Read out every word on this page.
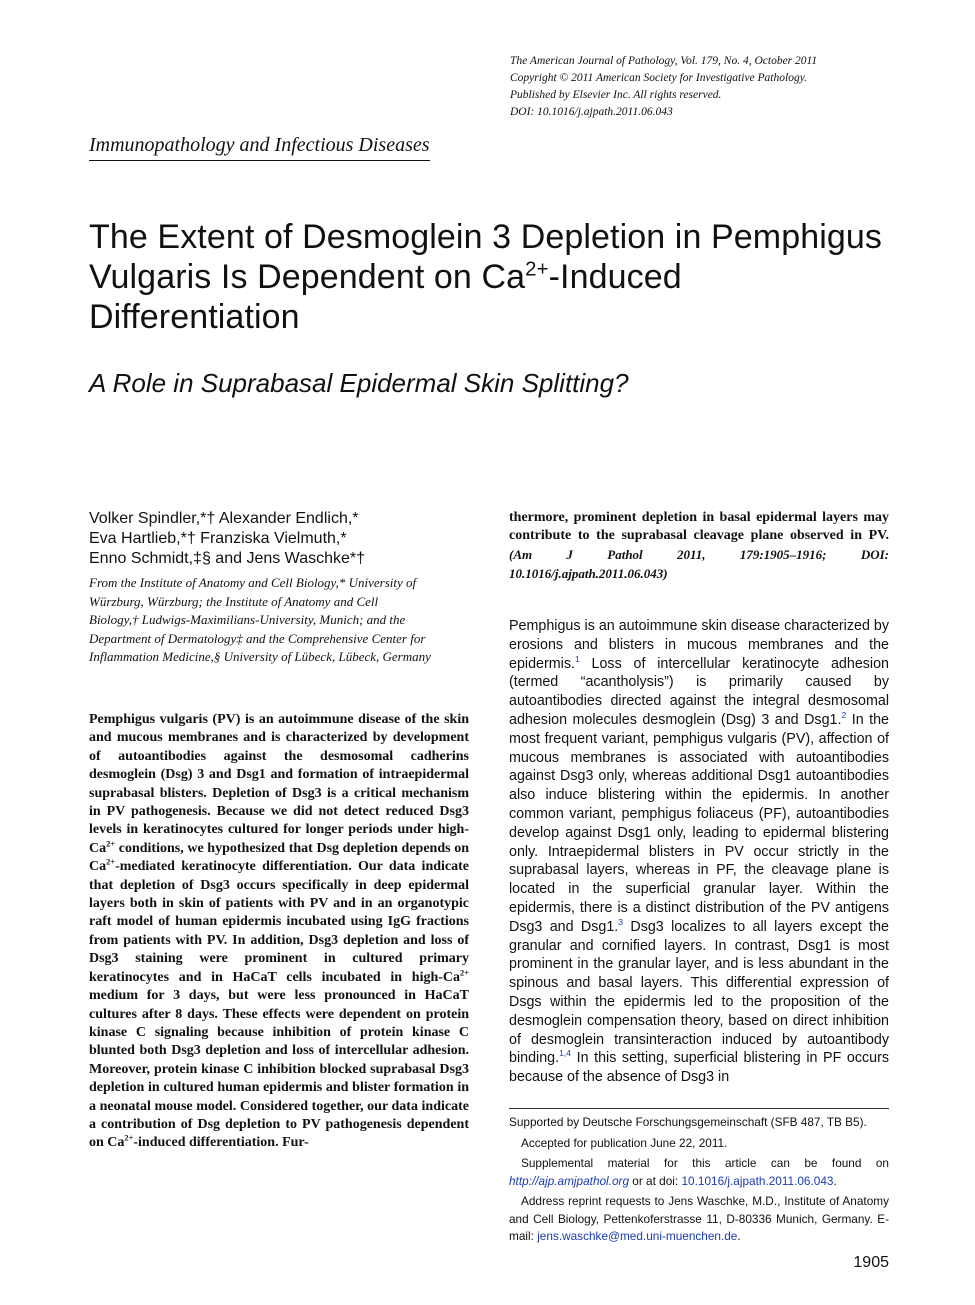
The American Journal of Pathology, Vol. 179, No. 4, October 2011
Copyright © 2011 American Society for Investigative Pathology.
Published by Elsevier Inc. All rights reserved.
DOI: 10.1016/j.ajpath.2011.06.043
Immunopathology and Infectious Diseases
The Extent of Desmoglein 3 Depletion in Pemphigus
Vulgaris Is Dependent on $Ca^{2+}$-Induced
Differentiation
A Role in Suprabasal Epidermal Skin Splitting?
Volker Spindler,*† Alexander Endlich,*
Eva Hartlieb,*† Franziska Vielmuth,*
Enno Schmidt,‡§ and Jens Waschke*†
From the Institute of Anatomy and Cell Biology,* University of
Würzburg, Würzburg; the Institute of Anatomy and Cell
Biology,† Ludwigs-Maximilians-University, Munich; and the
Department of Dermatology‡ and the Comprehensive Center for
Inflammation Medicine,§ University of Lübeck, Lübeck, Germany
Pemphigus vulgaris (PV) is an autoimmune disease of the skin and mucous membranes and is characterized by development of autoantibodies against the desmosomal cadherins desmoglein (Dsg) 3 and Dsg1 and formation of intraepidermal suprabasal blisters. Depletion of Dsg3 is a critical mechanism in PV pathogenesis. Because we did not detect reduced Dsg3 levels in keratinocytes cultured for longer periods under high-$Ca^{2+}$ conditions, we hypothesized that Dsg depletion depends on $Ca^{2+}$-mediated keratinocyte differentiation. Our data indicate that depletion of Dsg3 occurs specifically in deep epidermal layers both in skin of patients with PV and in an organotypic raft model of human epidermis incubated using IgG fractions from patients with PV. In addition, Dsg3 depletion and loss of Dsg3 staining were prominent in cultured primary keratinocytes and in HaCaT cells incubated in high-$Ca^{2+}$ medium for 3 days, but were less pronounced in HaCaT cultures after 8 days. These effects were dependent on protein kinase C signaling because inhibition of protein kinase C blunted both Dsg3 depletion and loss of intercellular adhesion. Moreover, protein kinase C inhibition blocked suprabasal Dsg3 depletion in cultured human epidermis and blister formation in a neonatal mouse model. Considered together, our data indicate a contribution of Dsg depletion to PV pathogenesis dependent on $Ca^{2+}$-induced differentiation. Fur-
thermore, prominent depletion in basal epidermal layers may contribute to the suprabasal cleavage plane observed in PV. (Am J Pathol 2011, 179:1905–1916; DOI: 10.1016/j.ajpath.2011.06.043)
Pemphigus is an autoimmune skin disease characterized by erosions and blisters in mucous membranes and the epidermis.$^1$ Loss of intercellular keratinocyte adhesion (termed “acantholysis”) is primarily caused by autoantibodies directed against the integral desmosomal adhesion molecules desmoglein (Dsg) 3 and Dsg1.$^2$ In the most frequent variant, pemphigus vulgaris (PV), affection of mucous membranes is associated with autoantibodies against Dsg3 only, whereas additional Dsg1 autoantibodies also induce blistering within the epidermis. In another common variant, pemphigus foliaceus (PF), autoantibodies develop against Dsg1 only, leading to epidermal blistering only. Intraepidermal blisters in PV occur strictly in the suprabasal layers, whereas in PF, the cleavage plane is located in the superficial granular layer. Within the epidermis, there is a distinct distribution of the PV antigens Dsg3 and Dsg1.$^3$ Dsg3 localizes to all layers except the granular and cornified layers. In contrast, Dsg1 is most prominent in the granular layer, and is less abundant in the spinous and basal layers. This differential expression of Dsgs within the epidermis led to the proposition of the desmoglein compensation theory, based on direct inhibition of desmoglein transinteraction induced by autoantibody binding.$^{1,4}$ In this setting, superficial blistering in PF occurs because of the absence of Dsg3 in
Supported by Deutsche Forschungsgemeinschaft (SFB 487, TB B5).
Accepted for publication June 22, 2011.
Supplemental material for this article can be found on http://ajp.amjpathol.org or at doi: 10.1016/j.ajpath.2011.06.043.
Address reprint requests to Jens Waschke, M.D., Institute of Anatomy and Cell Biology, Pettenkoferstrasse 11, D-80336 Munich, Germany. E-mail: jens.waschke@med.uni-muenchen.de.
1905
